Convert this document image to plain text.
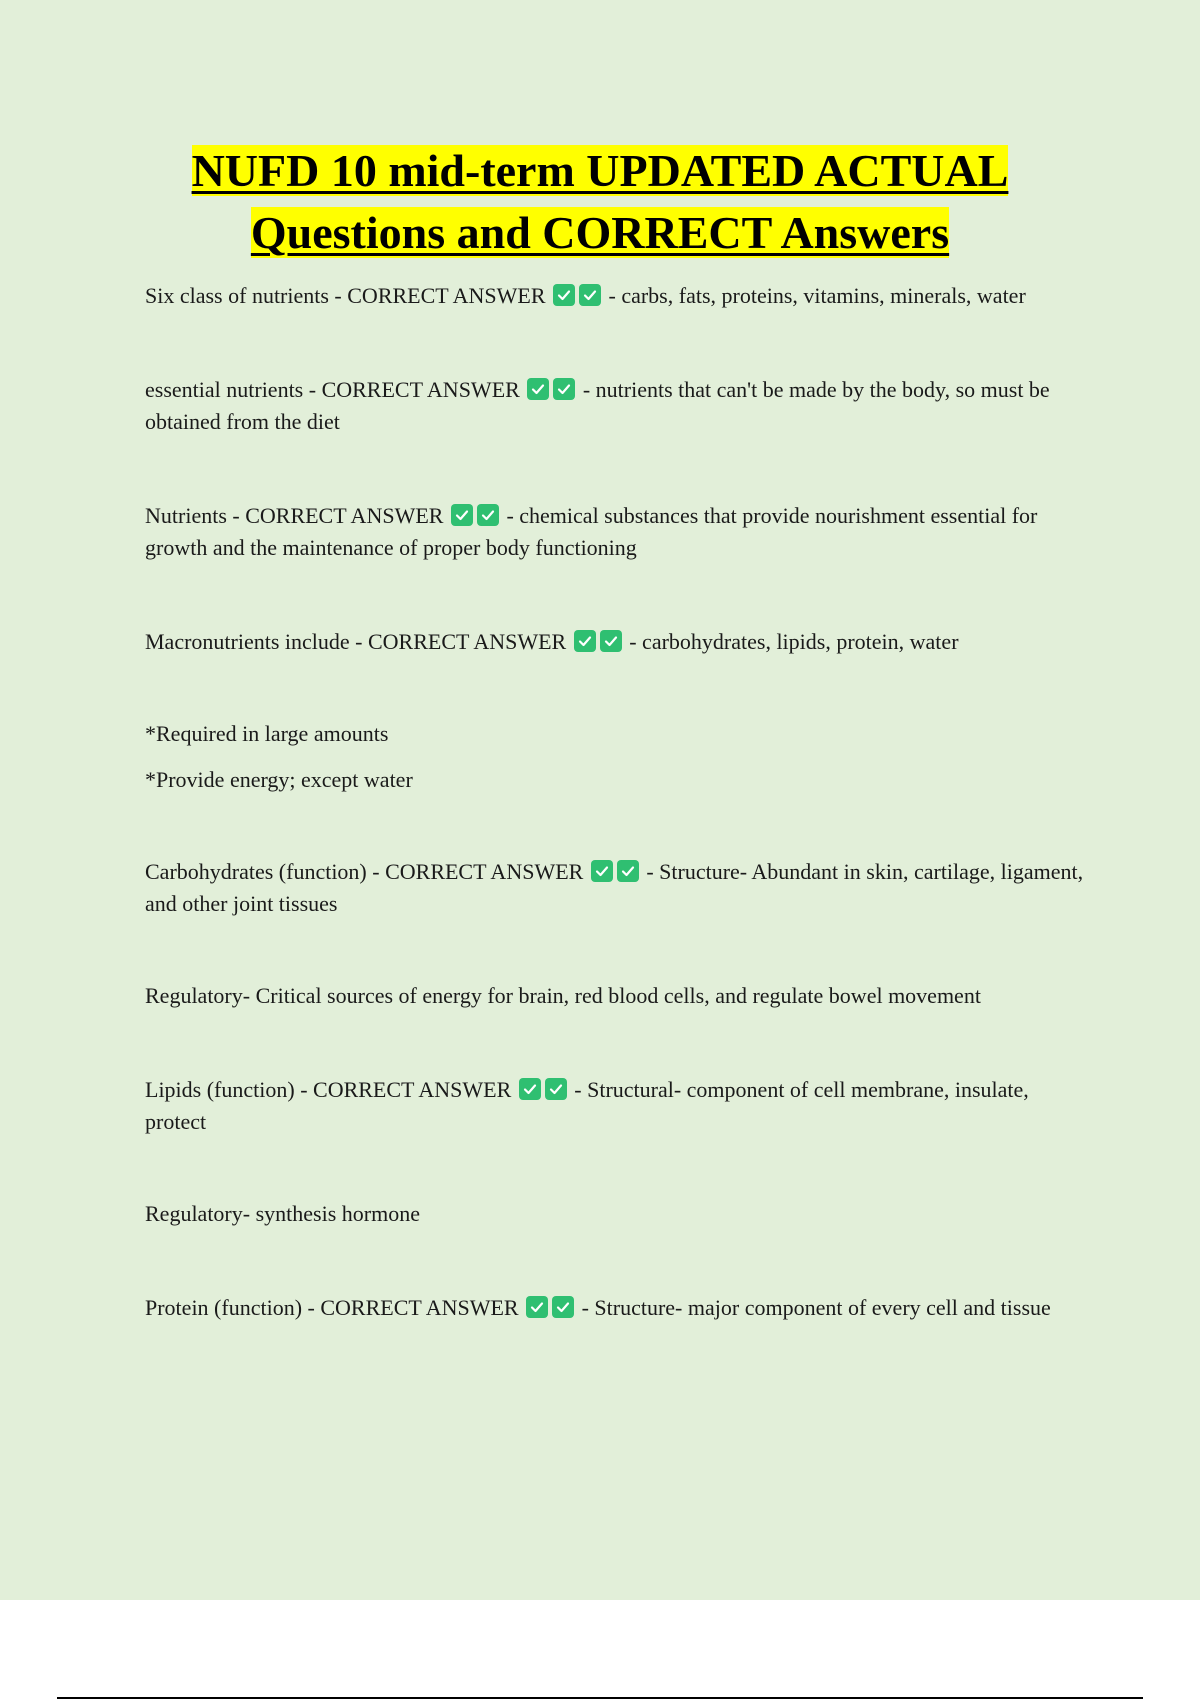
NUFD 10 mid-term UPDATED ACTUAL
Questions and CORRECT Answers

Six class of nutrients - CORRECT ANSWER	- carbs, fats, proteins, vitamins, minerals, water

essential nutrients - CORRECT ANSWER	- nutrients that can't be made by the body, so must be obtained from the diet

Nutrients - CORRECT ANSWER	- chemical substances that provide nourishment essential for growth and the maintenance of proper body functioning

Macronutrients include - CORRECT ANSWER	- carbohydrates, lipids, protein, water

*Required in large amounts

*Provide energy; except water

Carbohydrates (function) - CORRECT ANSWER	- Structure- Abundant in skin, cartilage, ligament, and other joint tissues

Regulatory- Critical sources of energy for brain, red blood cells, and regulate bowel movement

Lipids (function) - CORRECT ANSWER	- Structural- component of cell membrane, insulate, protect

Regulatory- synthesis hormone

Protein (function) - CORRECT ANSWER	- Structure- major component of every cell and tissue
